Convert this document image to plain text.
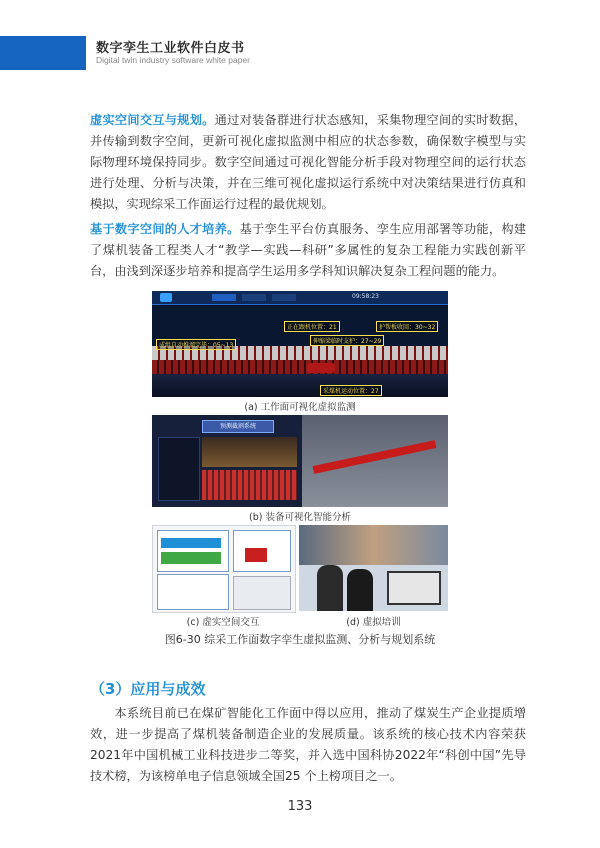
数字孪生工业软件白皮书
Digital twin industry software white paper
虚实空间交互与规划。通过对装备群进行状态感知，采集物理空间的实时数据，并传输到数字空间，更新可视化虚拟监测中相应的状态参数，确保数字模型与实际物理环境保持同步。数字空间通过可视化智能分析手段对物理空间的运行状态进行处理、分析与决策，并在三维可视化虚拟运行系统中对决策结果进行仿真和模拟，实现综采工作面运行过程的最优规划。
基于数字空间的人才培养。基于孪生平台仿真服务、孪生应用部署等功能，构建了煤机装备工程类人才“教学—实践—科研”多属性的复杂工程能力实践创新平台，由浅到深逐步培养和提高学生运用多学科知识解决复杂工程问题的能力。
09:58:23
正在跟机位置：21	护帮板收回：30~32
伸缩梁临时支护：27~29
成组自动推溜完毕：05~13
采煤机运动位置：27
(a) 工作面可视化虚拟监测
预测截割系统
(b) 装备可视化智能分析
(c) 虚实空间交互	(d) 虚拟培训
图6-30 综采工作面数字孪生虚拟监测、分析与规划系统
（3）应用与成效
本系统目前已在煤矿智能化工作面中得以应用，推动了煤炭生产企业提质增效，进一步提高了煤机装备制造企业的发展质量。该系统的核心技术内容荣获2021年中国机械工业科技进步二等奖，并入选中国科协2022年“科创中国”先导技术榜，为该榜单电子信息领域全国25 个上榜项目之一。
133
